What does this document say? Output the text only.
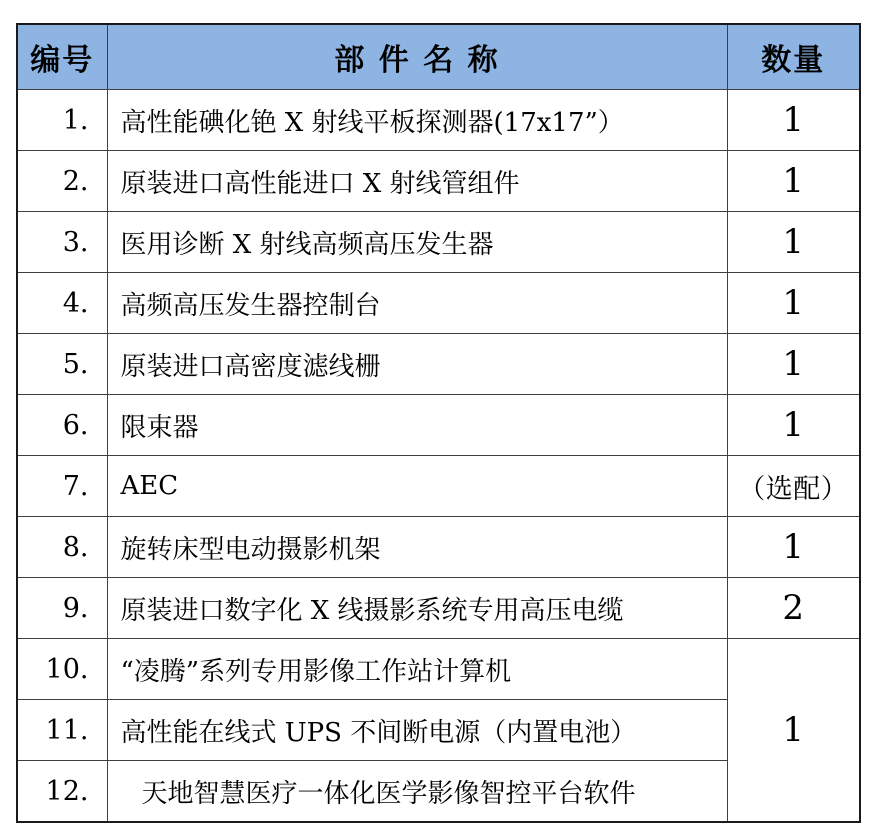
编号	部 件 名 称	数量
1.	高性能碘化铯 X 射线平板探测器(17x17”）	1
2.	原装进口高性能进口 X 射线管组件	1
3.	医用诊断 X 射线高频高压发生器	1
4.	高频高压发生器控制台	1
5.	原装进口高密度滤线栅	1
6.	限束器	1
7.	AEC	（选配）
8.	旋转床型电动摄影机架	1
9.	原装进口数字化 X 线摄影系统专用高压电缆	2
10.	“凌腾”系列专用影像工作站计算机	1
11.	高性能在线式 UPS 不间断电源（内置电池）	
12.	天地智慧医疗一体化医学影像智控平台软件	
